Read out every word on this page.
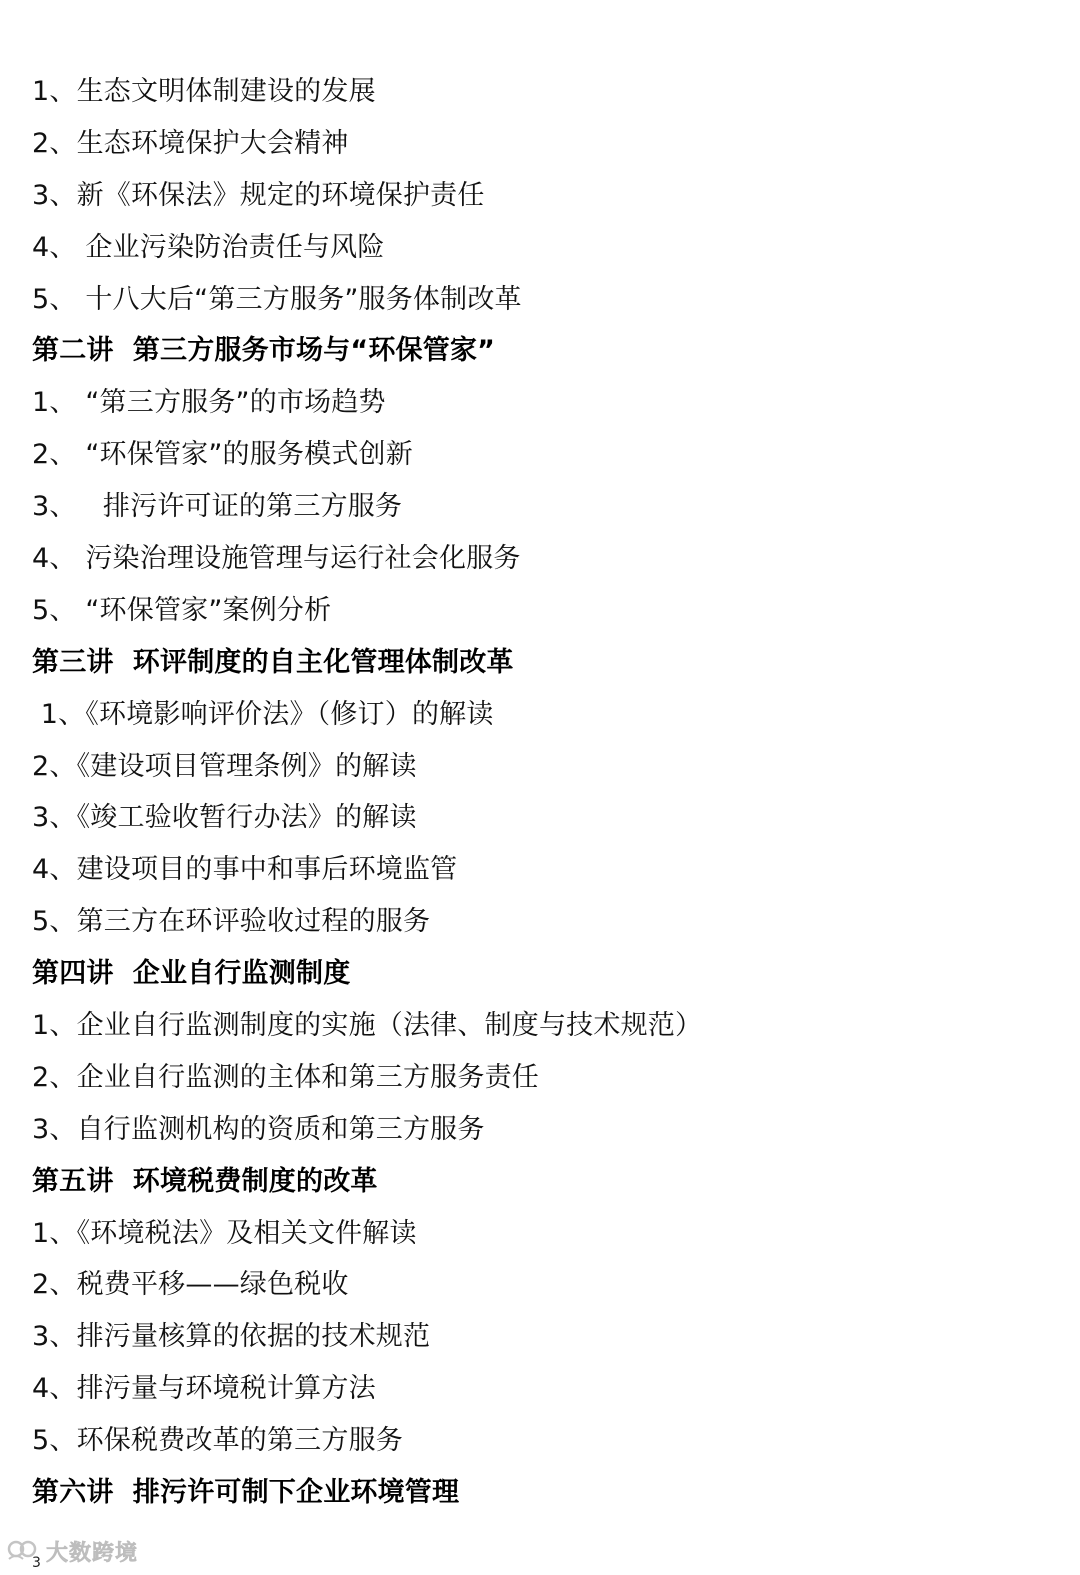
1、生态文明体制建设的发展
2、生态环境保护大会精神
3、新《环保法》规定的环境保护责任
4、 企业污染防治责任与风险
5、 十八大后“第三方服务”服务体制改革
第二讲  第三方服务市场与“环保管家”
1、 “第三方服务”的市场趋势
2、 “环保管家”的服务模式创新
3、   排污许可证的第三方服务
4、 污染治理设施管理与运行社会化服务
5、 “环保管家”案例分析
第三讲  环评制度的自主化管理体制改革
1、《环境影响评价法》（修订）的解读
2、《建设项目管理条例》的解读
3、《竣工验收暂行办法》的解读
4、建设项目的事中和事后环境监管
5、第三方在环评验收过程的服务
第四讲  企业自行监测制度
1、企业自行监测制度的实施（法律、制度与技术规范）
2、企业自行监测的主体和第三方服务责任
3、自行监测机构的资质和第三方服务
第五讲  环境税费制度的改革
1、《环境税法》及相关文件解读
2、税费平移——绿色税收
3、排污量核算的依据的技术规范
4、排污量与环境税计算方法
5、环保税费改革的第三方服务
第六讲  排污许可制下企业环境管理
3 大数跨境
